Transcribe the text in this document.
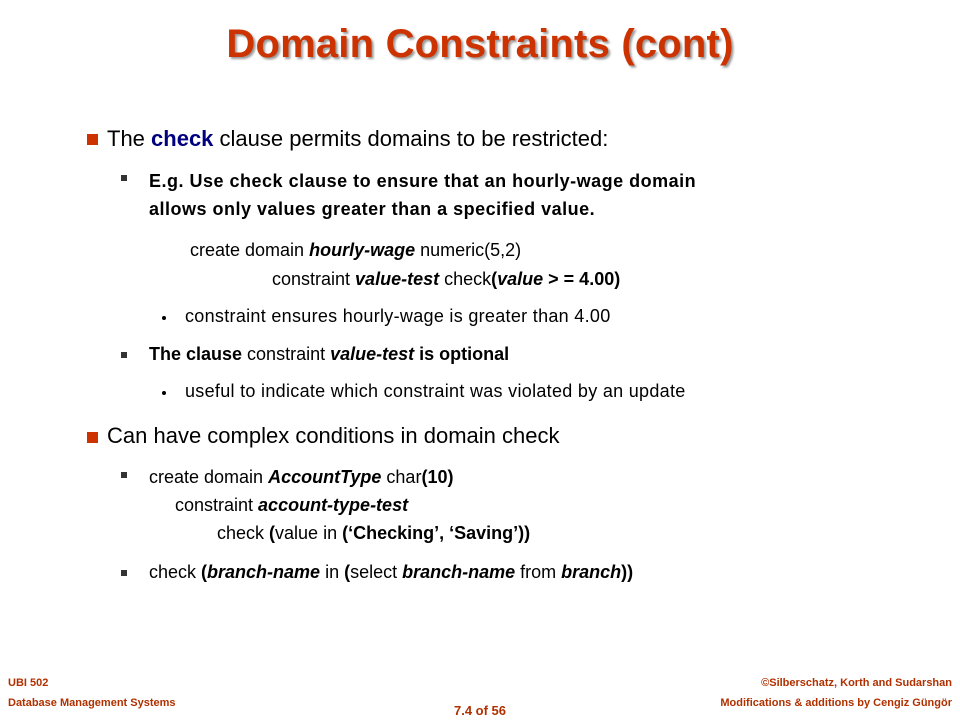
Domain Constraints (cont)
The check clause permits domains to be restricted:
E.g. Use check clause to ensure that an hourly-wage domain
allows only values greater than a specified value.
create domain hourly-wage numeric(5,2)
constraint value-test check(value > = 4.00)
constraint ensures hourly-wage is greater than 4.00
The clause constraint value-test is optional
useful to indicate which constraint was violated by an update
Can have complex conditions in domain check
create domain AccountType char(10)
constraint account-type-test
check (value in (‘Checking’, ‘Saving’))
check (branch-name in (select branch-name from branch))
UBI 502
Database Management Systems	7.4 of 56
©Silberschatz, Korth and Sudarshan
Modifications & additions by Cengiz Güngör
